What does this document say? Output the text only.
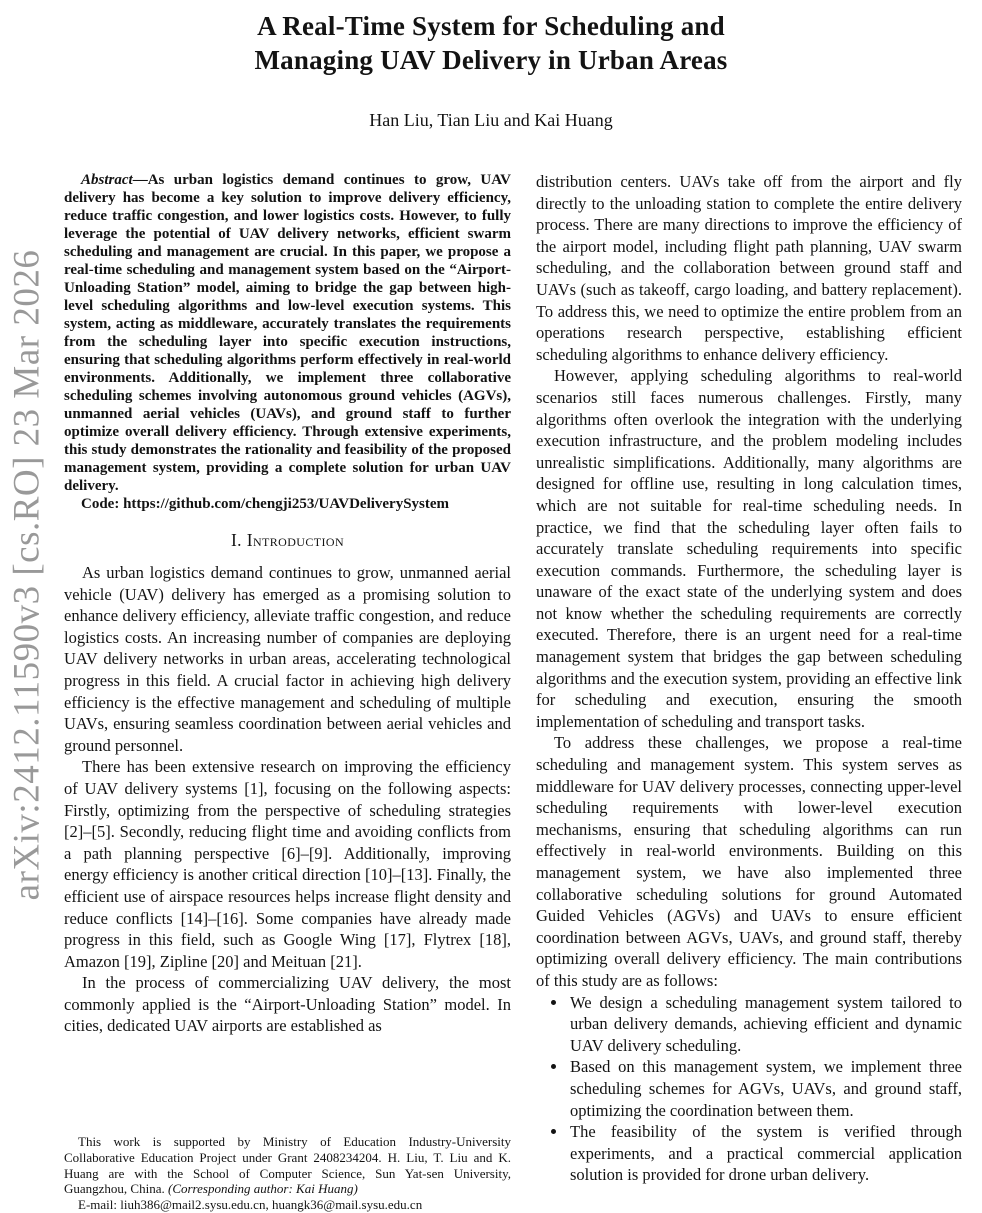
arXiv:2412.11590v3 [cs.RO] 23 Mar 2026
A Real-Time System for Scheduling and
Managing UAV Delivery in Urban Areas
Han Liu, Tian Liu and Kai Huang

Abstract—As urban logistics demand continues to grow, UAV delivery has become a key solution to improve delivery efficiency, reduce traffic congestion, and lower logistics costs. However, to fully leverage the potential of UAV delivery networks, efficient swarm scheduling and management are crucial. In this paper, we propose a real-time scheduling and management system based on the “Airport-Unloading Station” model, aiming to bridge the gap between high-level scheduling algorithms and low-level execution systems. This system, acting as middleware, accurately translates the requirements from the scheduling layer into specific execution instructions, ensuring that scheduling algorithms perform effectively in real-world environments. Additionally, we implement three collaborative scheduling schemes involving autonomous ground vehicles (AGVs), unmanned aerial vehicles (UAVs), and ground staff to further optimize overall delivery efficiency. Through extensive experiments, this study demonstrates the rationality and feasibility of the proposed management system, providing a complete solution for urban UAV delivery.

Code: https://github.com/chengji253/UAVDeliverySystem

I. Introduction

As urban logistics demand continues to grow, unmanned aerial vehicle (UAV) delivery has emerged as a promising solution to enhance delivery efficiency, alleviate traffic congestion, and reduce logistics costs. An increasing number of companies are deploying UAV delivery networks in urban areas, accelerating technological progress in this field. A crucial factor in achieving high delivery efficiency is the effective management and scheduling of multiple UAVs, ensuring seamless coordination between aerial vehicles and ground personnel.

There has been extensive research on improving the efficiency of UAV delivery systems [1], focusing on the following aspects: Firstly, optimizing from the perspective of scheduling strategies [2]–[5]. Secondly, reducing flight time and avoiding conflicts from a path planning perspective [6]–[9]. Additionally, improving energy efficiency is another critical direction [10]–[13]. Finally, the efficient use of airspace resources helps increase flight density and reduce conflicts [14]–[16]. Some companies have already made progress in this field, such as Google Wing [17], Flytrex [18], Amazon [19], Zipline [20] and Meituan [21].

In the process of commercializing UAV delivery, the most commonly applied is the “Airport-Unloading Station” model. In cities, dedicated UAV airports are established as

This work is supported by Ministry of Education Industry-University Collaborative Education Project under Grant 2408234204. H. Liu, T. Liu and K. Huang are with the School of Computer Science, Sun Yat-sen University, Guangzhou, China. (Corresponding author: Kai Huang)

E-mail: liuh386@mail2.sysu.edu.cn, huangk36@mail.sysu.edu.cn

distribution centers. UAVs take off from the airport and fly directly to the unloading station to complete the entire delivery process. There are many directions to improve the efficiency of the airport model, including flight path planning, UAV swarm scheduling, and the collaboration between ground staff and UAVs (such as takeoff, cargo loading, and battery replacement). To address this, we need to optimize the entire problem from an operations research perspective, establishing efficient scheduling algorithms to enhance delivery efficiency.

However, applying scheduling algorithms to real-world scenarios still faces numerous challenges. Firstly, many algorithms often overlook the integration with the underlying execution infrastructure, and the problem modeling includes unrealistic simplifications. Additionally, many algorithms are designed for offline use, resulting in long calculation times, which are not suitable for real-time scheduling needs. In practice, we find that the scheduling layer often fails to accurately translate scheduling requirements into specific execution commands. Furthermore, the scheduling layer is unaware of the exact state of the underlying system and does not know whether the scheduling requirements are correctly executed. Therefore, there is an urgent need for a real-time management system that bridges the gap between scheduling algorithms and the execution system, providing an effective link for scheduling and execution, ensuring the smooth implementation of scheduling and transport tasks.

To address these challenges, we propose a real-time scheduling and management system. This system serves as middleware for UAV delivery processes, connecting upper-level scheduling requirements with lower-level execution mechanisms, ensuring that scheduling algorithms can run effectively in real-world environments. Building on this management system, we have also implemented three collaborative scheduling solutions for ground Automated Guided Vehicles (AGVs) and UAVs to ensure efficient coordination between AGVs, UAVs, and ground staff, thereby optimizing overall delivery efficiency. The main contributions of this study are as follows:

• We design a scheduling management system tailored to urban delivery demands, achieving efficient and dynamic UAV delivery scheduling.
• Based on this management system, we implement three scheduling schemes for AGVs, UAVs, and ground staff, optimizing the coordination between them.
• The feasibility of the system is verified through experiments, and a practical commercial application solution is provided for drone urban delivery.
